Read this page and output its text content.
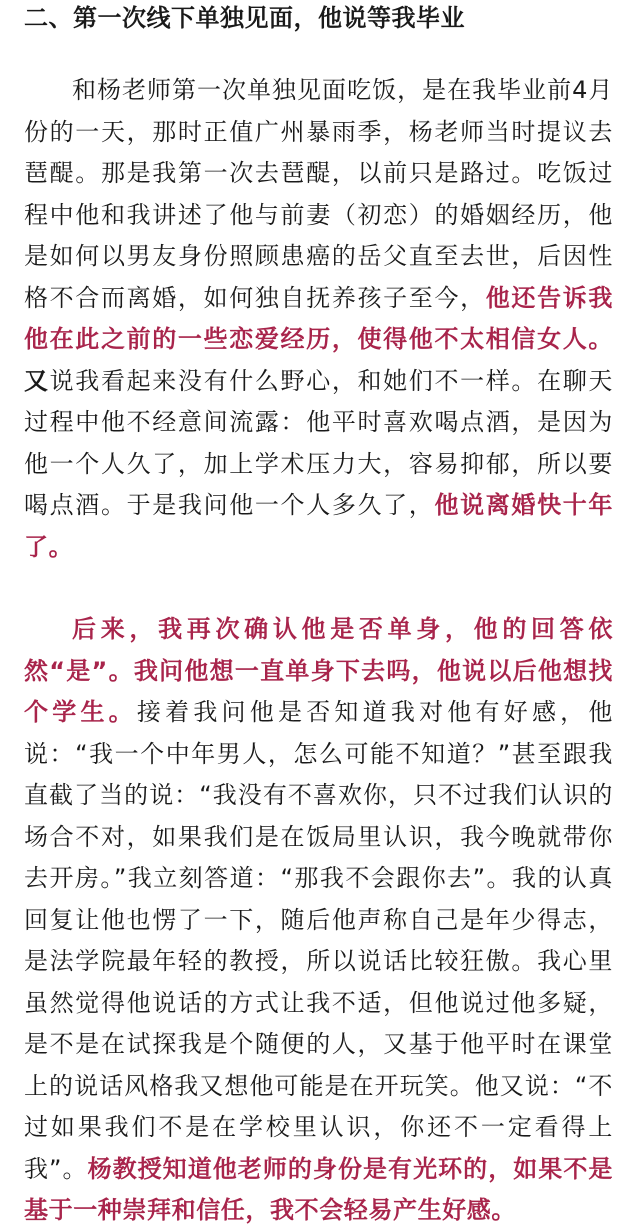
二、第一次线下单独见面，他说等我毕业

和杨老师第一次单独见面吃饭，是在我毕业前4月份的一天，那时正值广州暴雨季，杨老师当时提议去琶醍。那是我第一次去琶醍，以前只是路过。吃饭过程中他和我讲述了他与前妻（初恋）的婚姻经历，他是如何以男友身份照顾患癌的岳父直至去世，后因性格不合而离婚，如何独自抚养孩子至今，他还告诉我他在此之前的一些恋爱经历，使得他不太相信女人。又说我看起来没有什么野心，和她们不一样。在聊天过程中他不经意间流露：他平时喜欢喝点酒，是因为他一个人久了，加上学术压力大，容易抑郁，所以要喝点酒。于是我问他一个人多久了，他说离婚快十年了。

后来，我再次确认他是否单身，他的回答依然“是”。我问他想一直单身下去吗，他说以后他想找个学生。接着我问他是否知道我对他有好感，他说：“我一个中年男人，怎么可能不知道？”甚至跟我直截了当的说：“我没有不喜欢你，只不过我们认识的场合不对，如果我们是在饭局里认识，我今晚就带你去开房。”我立刻答道：“那我不会跟你去”。我的认真回复让他也愣了一下，随后他声称自己是年少得志，是法学院最年轻的教授，所以说话比较狂傲。我心里虽然觉得他说话的方式让我不适，但他说过他多疑，是不是在试探我是个随便的人，又基于他平时在课堂上的说话风格我又想他可能是在开玩笑。他又说：“不过如果我们不是在学校里认识，你还不一定看得上我”。杨教授知道他老师的身份是有光环的，如果不是基于一种崇拜和信任，我不会轻易产生好感。
